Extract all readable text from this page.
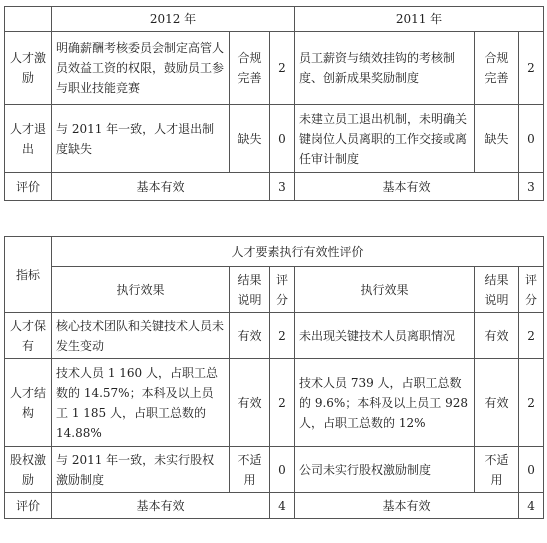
	2012 年			2011 年		
人才激励	明确薪酬考核委员会制定高管人员效益工资的权限，鼓励员工参与职业技能竞赛	合规完善	2	员工薪资与绩效挂钩的考核制度、创新成果奖励制度	合规完善	2
人才退出	与 2011 年一致，人才退出制度缺失	缺失	0	未建立员工退出机制，未明确关键岗位人员离职的工作交接或离任审计制度	缺失	0
评价	基本有效		3	基本有效		3
指标	人才要素执行有效性评价					
	执行效果	结果说明	评分	执行效果	结果说明	评分
人才保有	核心技术团队和关键技术人员未发生变动	有效	2	未出现关键技术人员离职情况	有效	2
人才结构	技术人员 1 160 人，占职工总数的 14.57%；本科及以上员工 1 185 人，占职工总数的14.88%	有效	2	技术人员 739 人，占职工总数的 9.6%；本科及以上员工 928 人，占职工总数的 12%	有效	2
股权激励	与 2011 年一致，未实行股权激励制度	不适用	0	公司未实行股权激励制度	不适用	0
评价	基本有效		4	基本有效		4
